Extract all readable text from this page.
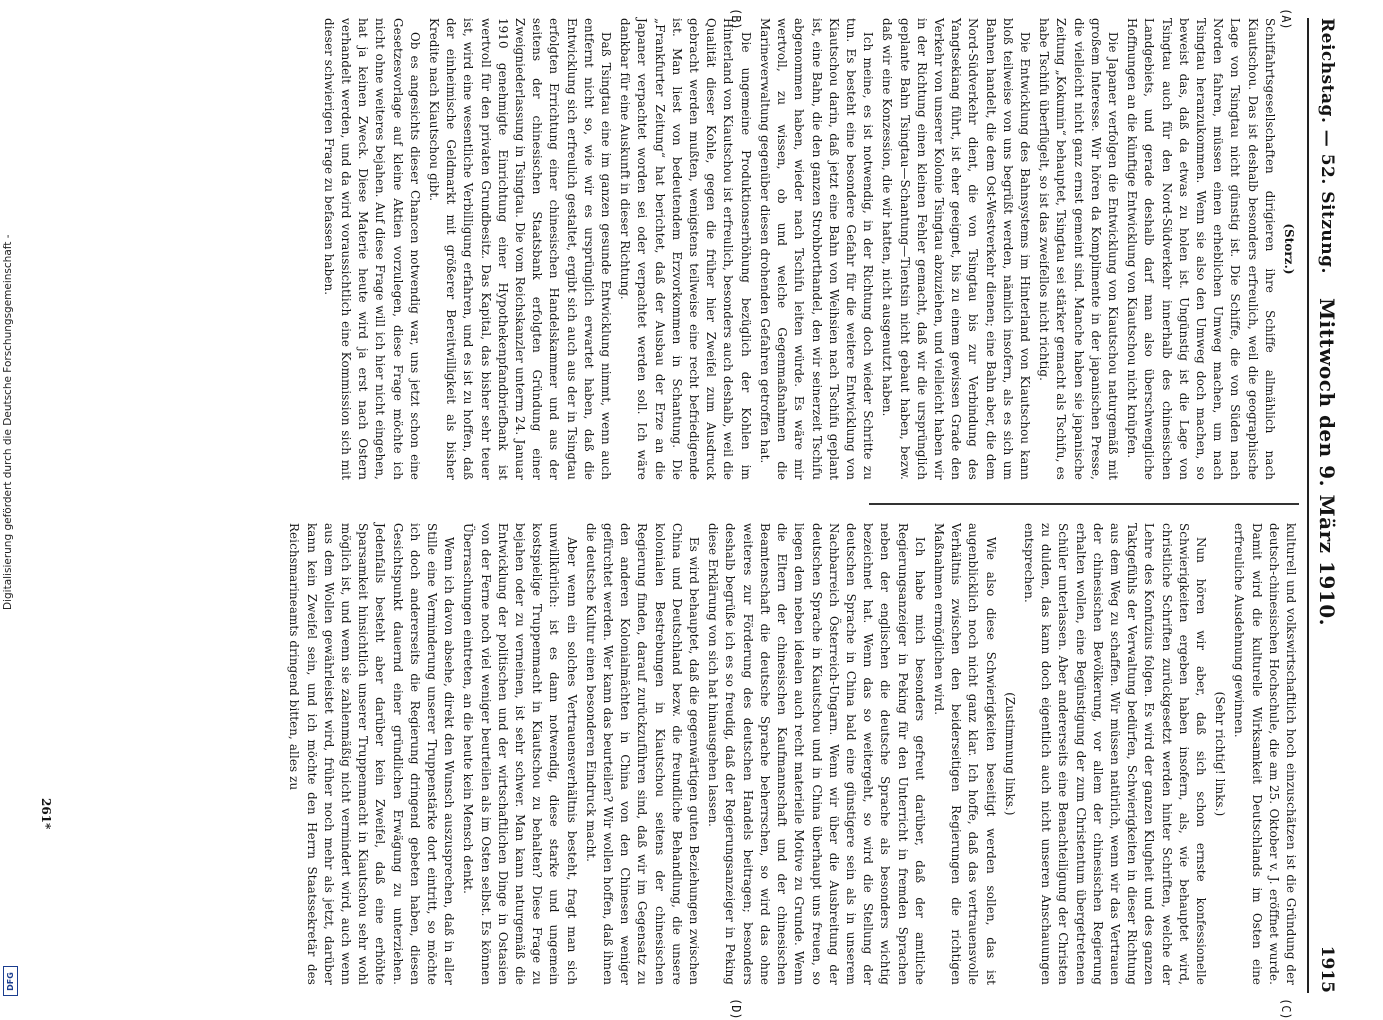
Reichstag. — 52. Sitzung.
Mittwoch den 9. März 1910.
1915
(A)
(B)
(C)
(D)

(Storz.)

Schiffahrtsgesellschaften dirigieren ihre Schiffe allmählich nach Kiautschou. Das ist deshalb besonders erfreulich, weil die geographische Lage von Tsingtau nicht günstig ist. Die Schiffe, die von Süden nach Norden fahren, müssen einen erheblichen Umweg machen, um nach Tsingtau heranzukommen. Wenn sie also den Umweg doch machen, so beweist das, daß da etwas zu holen ist. Ungünstig ist die Lage von Tsingtau auch für den Nord-Südverkehr innerhalb des chinesischen Landgebiets, und gerade deshalb darf man also überschwengliche Hoffnungen an die künftige Entwicklung von Kiautschou nicht knüpfen.

Die Japaner verfolgen die Entwicklung von Kiautschou naturgemäß mit großem Interesse. Wir hören da Komplimente in der japanischen Presse, die vielleicht nicht ganz ernst gemeint sind. Manche haben sie japanische Zeitung „Kokumin“ behauptet, Tsingtau sei stärker gemacht als Tschifu, es habe Tschifu überflügelt, so ist das zweifellos nicht richtig.

Die Entwicklung des Bahnsystems im Hinterland von Kiautschou kann bloß teilweise von uns begrüßt werden, nämlich insofern, als es sich um Bahnen handelt, die dem Ost-Westverkehr dienen; eine Bahn aber, die dem Nord-Südverkehr dient, die von Tsingtau bis zur Verbindung des Yangtsekiang führt, ist eher geeignet, bis zu einem gewissen Grade den Verkehr von unserer Kolonie Tsingtau abzuziehen, und vielleicht haben wir in der Richtung einen kleinen Fehler gemacht, daß wir die ursprünglich geplante Bahn Tsingtau—Schantung—Tientsin nicht gebaut haben, bezw. daß wir eine Konzession, die wir hatten, nicht ausgenutzt haben.

Ich meine, es ist notwendig, in der Richtung doch wieder Schritte zu tun. Es besteht eine besondere Gefahr für die weitere Entwicklung von Kiautschou darin, daß jetzt eine Bahn von Weihsien nach Tschifu geplant ist, eine Bahn, die den ganzen Strohborthandel, den wir seinerzeit Tschifu abgenommen haben, wieder nach Tschifu leiten würde. Es wäre mir wertvoll, zu wissen, ob und welche Gegenmaßnahmen die Marineverwaltung gegenüber diesen drohenden Gefahren getroffen hat.

Die ungemeine Produktionserhöhung bezüglich der Kohlen im Hinterland von Kiautschou ist erfreulich, besonders auch deshalb, weil die Qualität dieser Kohle, gegen die früher hier Zweifel zum Ausdruck gebracht werden mußten, wenigstens teilweise eine recht befriedigende ist. Man liest von bedeutendem Erzvorkommen in Schantung. Die „Frankfurter Zeitung“ hat berichtet, daß der Ausbau der Erze an die Japaner verpachtet worden sei oder verpachtet werden soll. Ich wäre dankbar für eine Auskunft in dieser Richtung.

Daß Tsingtau eine im ganzen gesunde Entwicklung nimmt, wenn auch entfernt nicht so, wie wir es ursprünglich erwartet haben, daß die Entwicklung sich erfreulich gestaltet, ergibt sich auch aus der in Tsingtau erfolgten Errichtung einer chinesischen Handelskammer und aus der seitens der chinesischen Staatsbank erfolgten Gründung einer Zweigniederlassung in Tsingtau. Die vom Reichskanzler unterm 24. Januar 1910 genehmigte Einrichtung einer Hypothekenpfandbriefbank ist wertvoll für den privaten Grundbesitz. Das Kapital, das bisher sehr teuer ist, wird eine wesentliche Verbilligung erfahren, und es ist zu hoffen, daß der einheimische Geldmarkt mit größerer Bereitwilligkeit als bisher Kredite nach Kiautschou gibt.

Ob es angesichts dieser Chancen notwendig war, uns jetzt schon eine Gesetzesvorlage auf kleine Aktien vorzulegen, diese Frage möchte ich nicht ohne weiteres bejahen. Auf diese Frage will ich hier nicht eingehen, hat ja keinen Zweck. Diese Materie heute wird ja erst nach Ostern verhandelt werden, und da wird voraussichtlich eine Kommission sich mit dieser schwierigen Frage zu befassen haben.

kulturell und volkswirtschaftlich hoch einzuschätzen ist die Gründung der deutsch-chinesischen Hochschule, die am 25. Oktober v. J. eröffnet wurde. Damit wird die kulturelle Wirksamkeit Deutschlands im Osten eine erfreuliche Ausdehnung gewinnen.

(Sehr richtig! links.)

Nun hören wir aber, daß sich schon ernste konfessionelle Schwierigkeiten ergeben haben insofern, als, wie behauptet wird, christliche Schriften zurückgesetzt werden hinter Schriften, welche der Lehre des Konfuzius folgen. Es wird der ganzen Klugheit und des ganzen Taktgefühls der Verwaltung bedürfen, Schwierigkeiten in dieser Richtung aus dem Weg zu schaffen. Wir müssen natürlich, wenn wir das Vertrauen der chinesischen Bevölkerung, vor allem der chinesischen Regierung erhalten wollen, eine Begünstigung der zum Christentum übergetretenen Schüler unterlassen. Aber andererseits eine Benachteiligung der Christen zu dulden, das kann doch eigentlich auch nicht unseren Anschauungen entsprechen.

(Zustimmung links.)

Wie also diese Schwierigkeiten beseitigt werden sollen, das ist augenblicklich noch nicht ganz klar. Ich hoffe, daß das vertrauensvolle Verhältnis zwischen den beiderseitigen Regierungen die richtigen Maßnahmen ermöglichen wird.

Ich habe mich besonders gefreut darüber, daß der amtliche Regierungsanzeiger in Peking für den Unterricht in fremden Sprachen neben der englischen die deutsche Sprache als besonders wichtig bezeichnet hat. Wenn das so weitergeht, so wird die Stellung der deutschen Sprache in China bald eine günstigere sein als in unserem Nachbarreich Österreich-Ungarn. Wenn wir über die Ausbreitung der deutschen Sprache in Kiautschou und in China überhaupt uns freuen, so liegen dem neben idealen auch recht materielle Motive zu Grunde. Wenn die Eltern der chinesischen Kaufmannschaft und der chinesischen Beamtenschaft die deutsche Sprache beherrschen, so wird das ohne weiteres zur Förderung des deutschen Handels beitragen; besonders deshalb begrüße ich es so freudig, daß der Regierungsanzeiger in Peking diese Erklärung von sich hat hinausgehen lassen.

Es wird behauptet, daß die gegenwärtigen guten Beziehungen zwischen China und Deutschland bezw. die freundliche Behandlung, die unsere kolonialen Bestrebungen in Kiautschou seitens der chinesischen Regierung finden, darauf zurückzuführen sind, daß wir im Gegensatz zu den anderen Kolonialmächten in China von den Chinesen weniger gefürchtet werden. Wer kann das beurteilen? Wir wollen hoffen, daß ihnen die deutsche Kultur einen besonderen Eindruck macht.

Aber wenn ein solches Vertrauensverhältnis besteht, fragt man sich unwillkürlich: ist es dann notwendig, diese starke und ungemein kostspielige Truppenmacht in Kiautschou zu behalten? Diese Frage zu bejahen oder zu verneinen, ist sehr schwer. Man kann naturgemäß die Entwicklung der politischen und der wirtschaftlichen Dinge in Ostasien von der Ferne noch viel weniger beurteilen als im Osten selbst. Es können Überraschungen eintreten, an die heute kein Mensch denkt.

Wenn ich davon absehe, direkt den Wunsch auszusprechen, daß in aller Stille eine Verminderung unserer Truppenstärke dort eintritt, so möchte ich doch andererseits die Regierung dringend gebeten haben, diesen Gesichtspunkt dauernd einer gründlichen Erwägung zu unterziehen. Jedenfalls besteht aber darüber kein Zweifel, daß eine erhöhte Sparsamkeit hinsichtlich unserer Truppenmacht in Kiautschou sehr wohl möglich ist, und wenn sie zahlenmäßig nicht vermindert wird, auch wenn aus dem Wollen gewährleistet wird, früher noch mehr als jetzt, darüber kann kein Zweifel sein, und ich möchte den Herrn Staatssekretär des Reichsmarineamts dringend bitten, alles zu

261*
Digitalisierung gefördert durch die Deutsche Forschungsgemeinschaft -
DFG
